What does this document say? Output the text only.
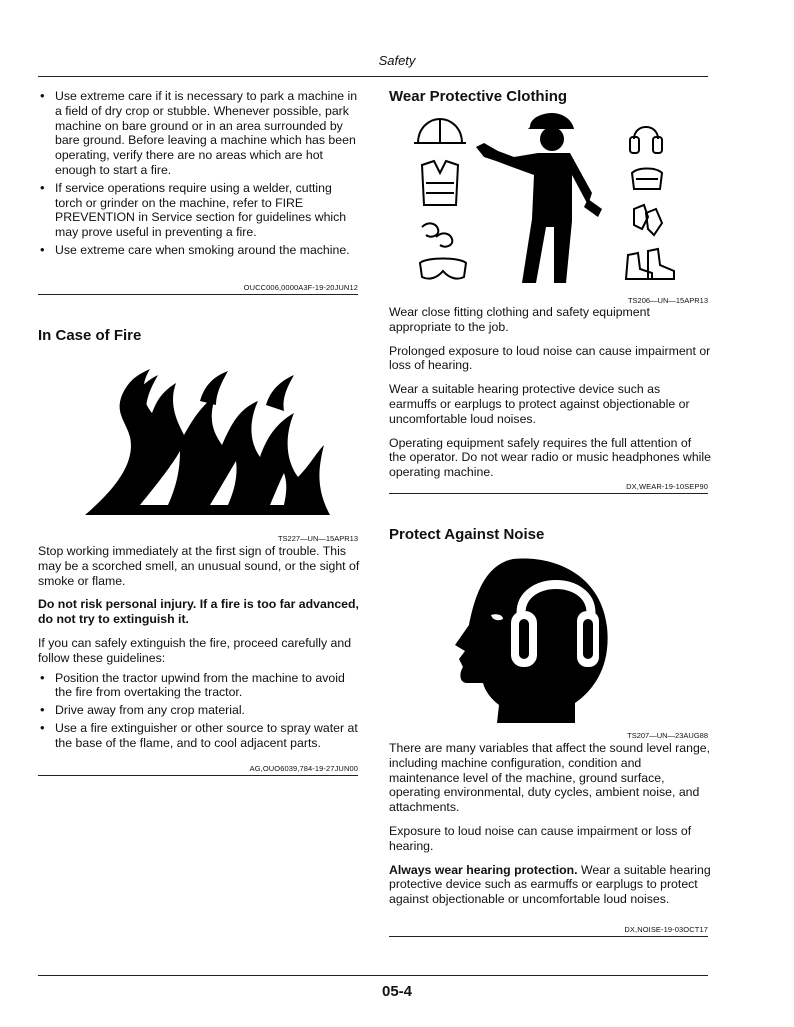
Safety
• Use extreme care if it is necessary to park a machine in a field of dry crop or stubble. Whenever possible, park machine on bare ground or in an area surrounded by bare ground. Before leaving a machine which has been operating, verify there are no areas which are hot enough to start a fire.
• If service operations require using a welder, cutting torch or grinder on the machine, refer to FIRE PREVENTION in Service section for guidelines which may prove useful in preventing a fire.
• Use extreme care when smoking around the machine.
OUCC006,0000A3F-19-20JUN12
In Case of Fire
TS227—UN—15APR13

Stop working immediately at the first sign of trouble. This may be a scorched smell, an unusual sound, or the sight of smoke or flame.

Do not risk personal injury. If a fire is too far advanced, do not try to extinguish it.

If you can safely extinguish the fire, proceed carefully and follow these guidelines:

• Position the tractor upwind from the machine to avoid the fire from overtaking the tractor.
• Drive away from any crop material.
• Use a fire extinguisher or other source to spray water at the base of the flame, and to cool adjacent parts.
AG,OUO6039,784-19-27JUN00
Wear Protective Clothing
TS206—UN—15APR13

Wear close fitting clothing and safety equipment appropriate to the job.

Prolonged exposure to loud noise can cause impairment or loss of hearing.

Wear a suitable hearing protective device such as earmuffs or earplugs to protect against objectionable or uncomfortable loud noises.

Operating equipment safely requires the full attention of the operator. Do not wear radio or music headphones while operating machine.

DX,WEAR-19-10SEP90
Protect Against Noise
TS207—UN—23AUG88

There are many variables that affect the sound level range, including machine configuration, condition and maintenance level of the machine, ground surface, operating environmental, duty cycles, ambient noise, and attachments.

Exposure to loud noise can cause impairment or loss of hearing.

Always wear hearing protection. Wear a suitable hearing protective device such as earmuffs or earplugs to protect against objectionable or uncomfortable loud noises.

DX,NOISE-19-03OCT17
05-4
